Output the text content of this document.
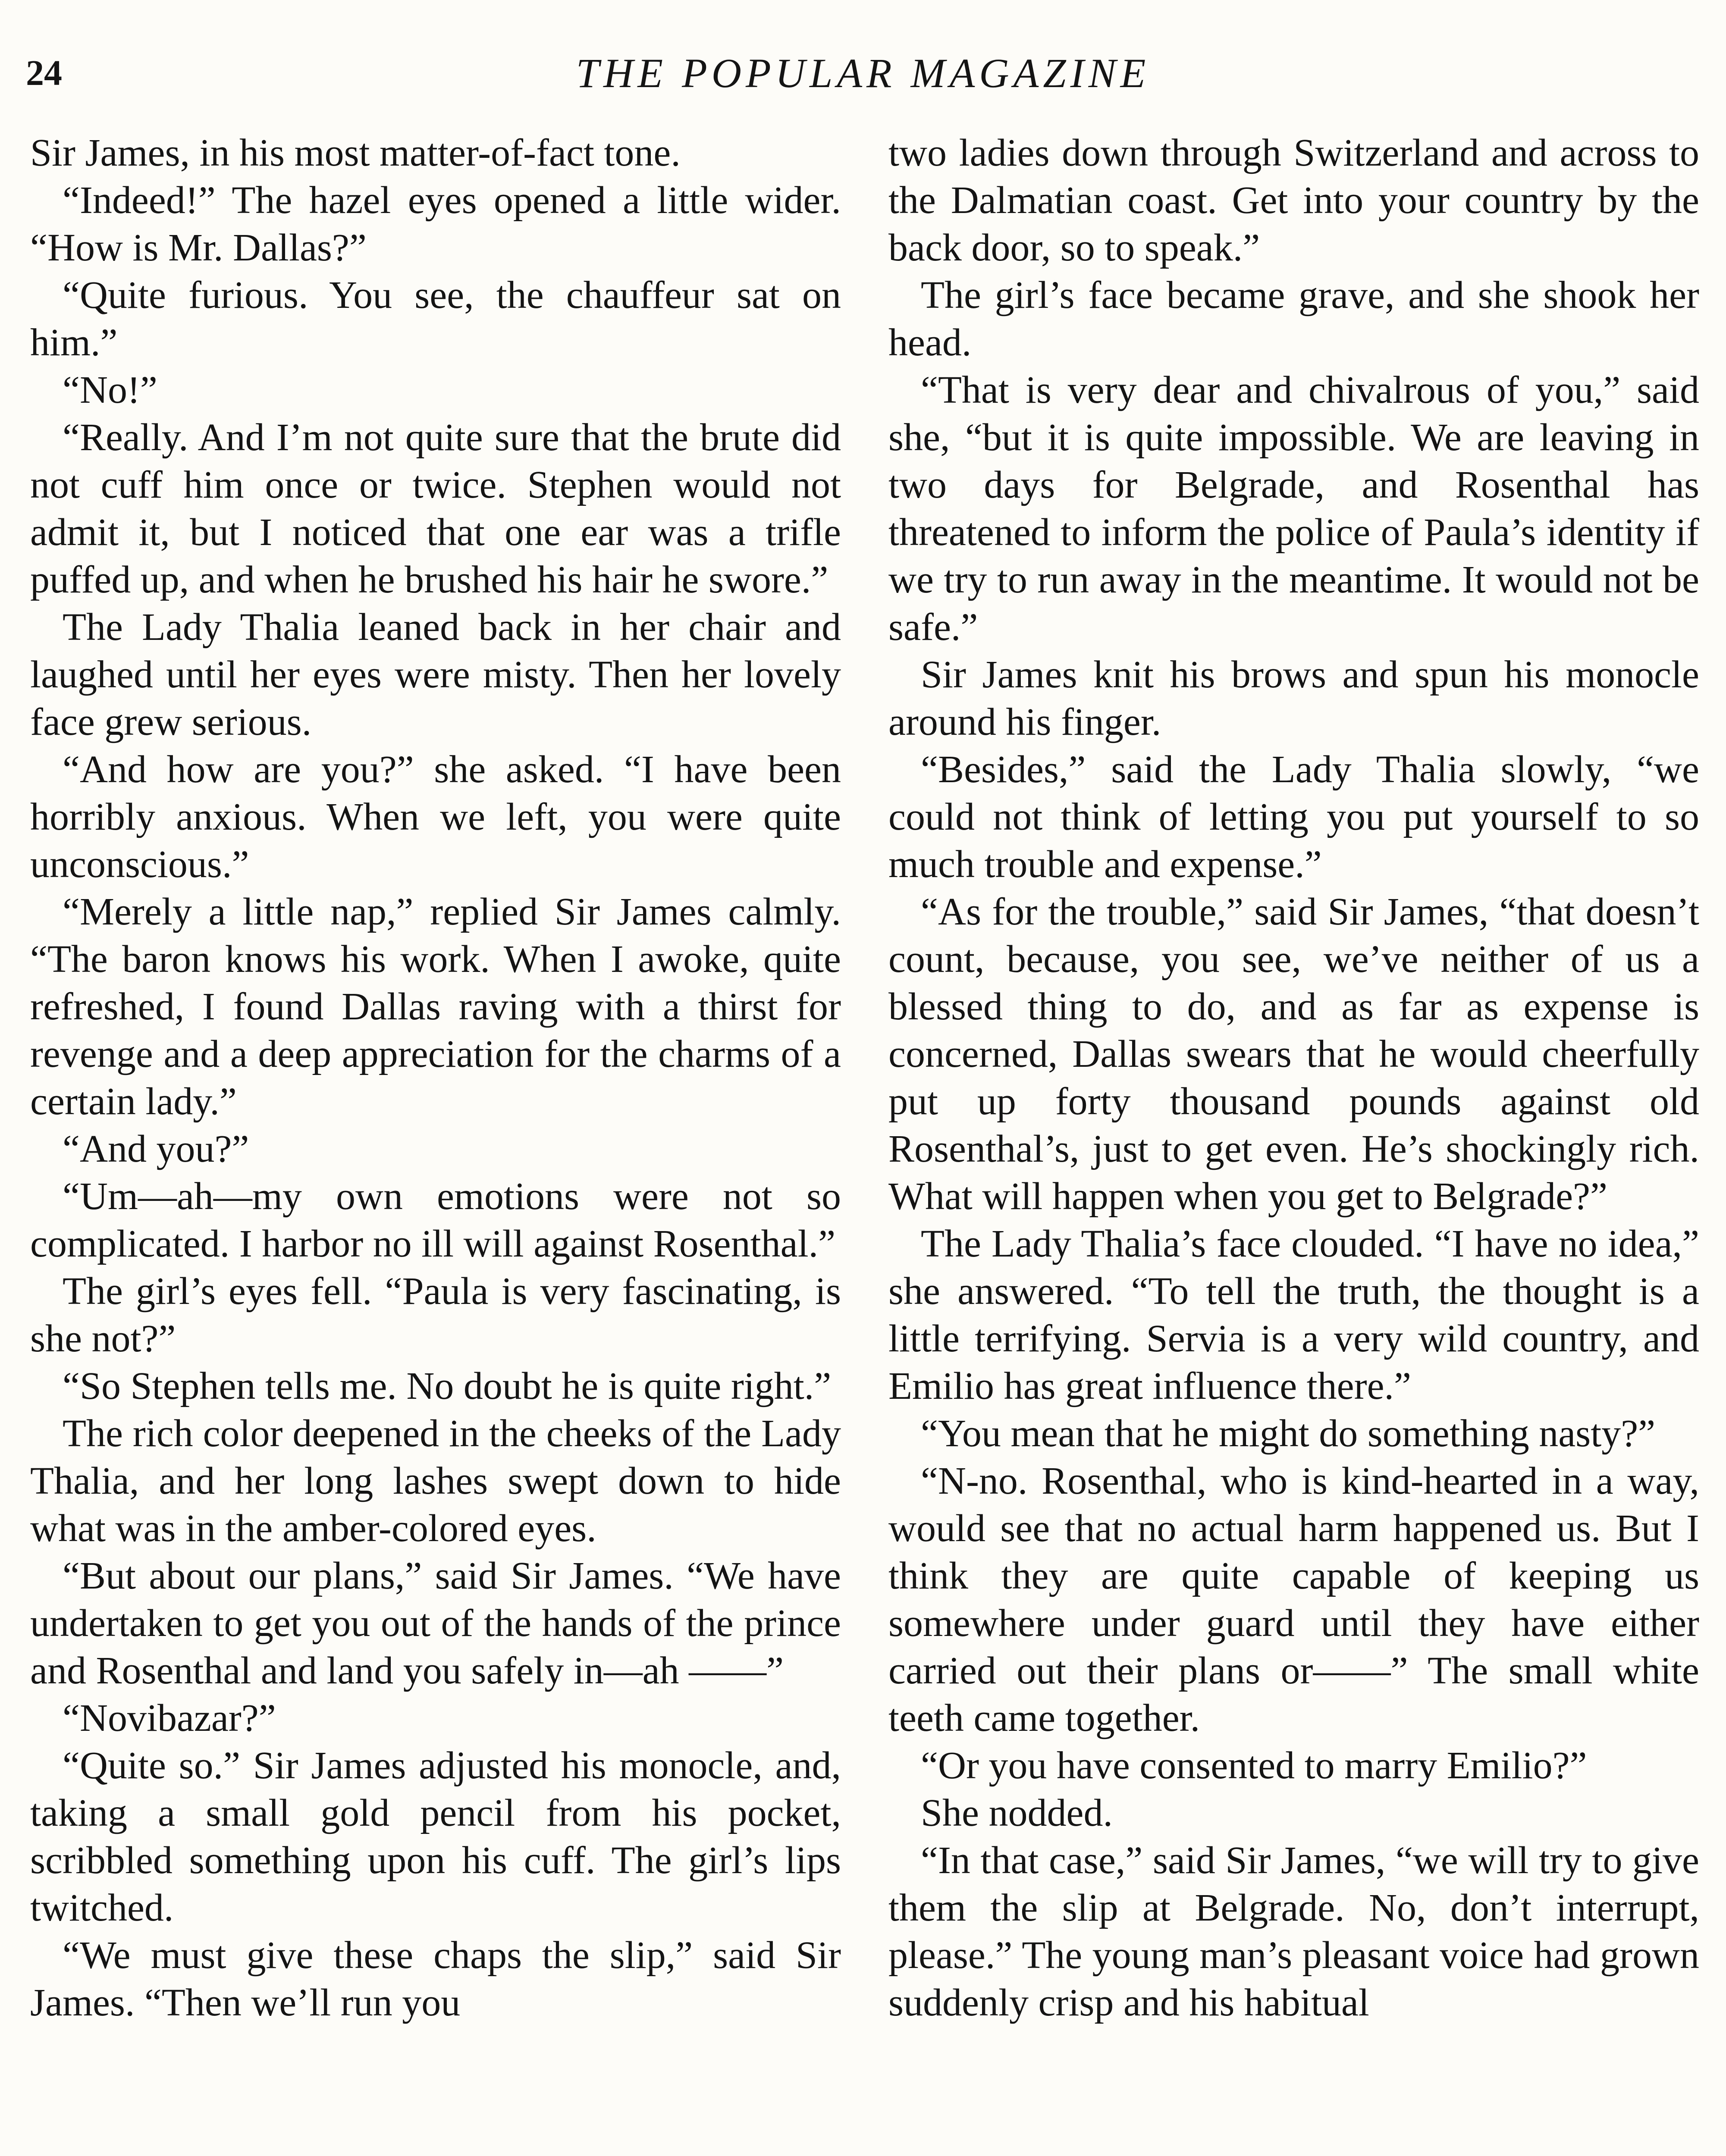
24	THE POPULAR MAGAZINE

Sir James, in his most matter-of-fact tone.

“Indeed!” The hazel eyes opened a little wider. “How is Mr. Dallas?”

“Quite furious. You see, the chauffeur sat on him.”

“No!”

“Really. And I’m not quite sure that the brute did not cuff him once or twice. Stephen would not admit it, but I noticed that one ear was a trifle puffed up, and when he brushed his hair he swore.”

The Lady Thalia leaned back in her chair and laughed until her eyes were misty. Then her lovely face grew serious.

“And how are you?” she asked. “I have been horribly anxious. When we left, you were quite unconscious.”

“Merely a little nap,” replied Sir James calmly. “The baron knows his work. When I awoke, quite refreshed, I found Dallas raving with a thirst for revenge and a deep appreciation for the charms of a certain lady.”

“And you?”

“Um—ah—my own emotions were not so complicated. I harbor no ill will against Rosenthal.”

The girl’s eyes fell. “Paula is very fascinating, is she not?”

“So Stephen tells me. No doubt he is quite right.”

The rich color deepened in the cheeks of the Lady Thalia, and her long lashes swept down to hide what was in the amber-colored eyes.

“But about our plans,” said Sir James. “We have undertaken to get you out of the hands of the prince and Rosenthal and land you safely in—ah ——”

“Novibazar?”

“Quite so.” Sir James adjusted his monocle, and, taking a small gold pencil from his pocket, scribbled something upon his cuff. The girl’s lips twitched.

“We must give these chaps the slip,” said Sir James. “Then we’ll run you

two ladies down through Switzerland and across to the Dalmatian coast. Get into your country by the back door, so to speak.”

The girl’s face became grave, and she shook her head.

“That is very dear and chivalrous of you,” said she, “but it is quite impossible. We are leaving in two days for Belgrade, and Rosenthal has threatened to inform the police of Paula’s identity if we try to run away in the meantime. It would not be safe.”

Sir James knit his brows and spun his monocle around his finger.

“Besides,” said the Lady Thalia slowly, “we could not think of letting you put yourself to so much trouble and expense.”

“As for the trouble,” said Sir James, “that doesn’t count, because, you see, we’ve neither of us a blessed thing to do, and as far as expense is concerned, Dallas swears that he would cheerfully put up forty thousand pounds against old Rosenthal’s, just to get even. He’s shockingly rich. What will happen when you get to Belgrade?”

The Lady Thalia’s face clouded. “I have no idea,” she answered. “To tell the truth, the thought is a little terrifying. Servia is a very wild country, and Emilio has great influence there.”

“You mean that he might do something nasty?”

“N-no. Rosenthal, who is kind-hearted in a way, would see that no actual harm happened us. But I think they are quite capable of keeping us somewhere under guard until they have either carried out their plans or——” The small white teeth came together.

“Or you have consented to marry Emilio?”

She nodded.

“In that case,” said Sir James, “we will try to give them the slip at Belgrade. No, don’t interrupt, please.” The young man’s pleasant voice had grown suddenly crisp and his habitual
